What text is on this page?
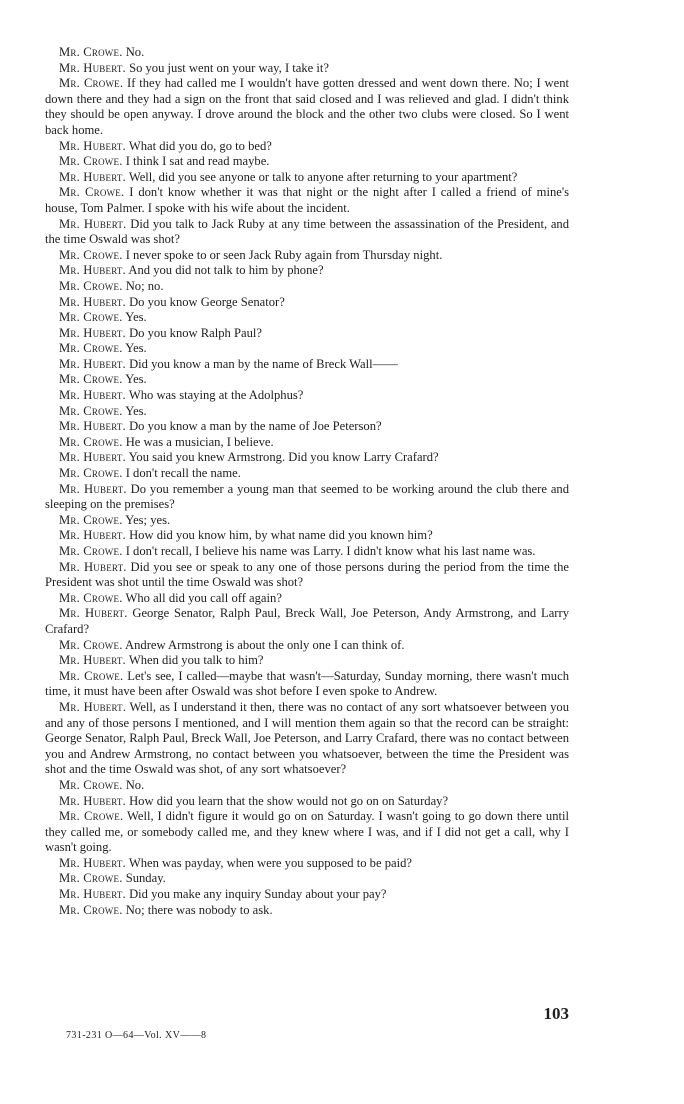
Mr. Crowe. No.

Mr. Hubert. So you just went on your way, I take it?

Mr. Crowe. If they had called me I wouldn't have gotten dressed and went down there. No; I went down there and they had a sign on the front that said closed and I was relieved and glad. I didn't think they should be open anyway. I drove around the block and the other two clubs were closed. So I went back home.

Mr. Hubert. What did you do, go to bed?

Mr. Crowe. I think I sat and read maybe.

Mr. Hubert. Well, did you see anyone or talk to anyone after returning to your apartment?

Mr. Crowe. I don't know whether it was that night or the night after I called a friend of mine's house, Tom Palmer. I spoke with his wife about the incident.

Mr. Hubert. Did you talk to Jack Ruby at any time between the assassination of the President, and the time Oswald was shot?

Mr. Crowe. I never spoke to or seen Jack Ruby again from Thursday night.

Mr. Hubert. And you did not talk to him by phone?

Mr. Crowe. No; no.

Mr. Hubert. Do you know George Senator?

Mr. Crowe. Yes.

Mr. Hubert. Do you know Ralph Paul?

Mr. Crowe. Yes.

Mr. Hubert. Did you know a man by the name of Breck Wall——

Mr. Crowe. Yes.

Mr. Hubert. Who was staying at the Adolphus?

Mr. Crowe. Yes.

Mr. Hubert. Do you know a man by the name of Joe Peterson?

Mr. Crowe. He was a musician, I believe.

Mr. Hubert. You said you knew Armstrong. Did you know Larry Crafard?

Mr. Crowe. I don't recall the name.

Mr. Hubert. Do you remember a young man that seemed to be working around the club there and sleeping on the premises?

Mr. Crowe. Yes; yes.

Mr. Hubert. How did you know him, by what name did you known him?

Mr. Crowe. I don't recall, I believe his name was Larry. I didn't know what his last name was.

Mr. Hubert. Did you see or speak to any one of those persons during the period from the time the President was shot until the time Oswald was shot?

Mr. Crowe. Who all did you call off again?

Mr. Hubert. George Senator, Ralph Paul, Breck Wall, Joe Peterson, Andy Armstrong, and Larry Crafard?

Mr. Crowe. Andrew Armstrong is about the only one I can think of.

Mr. Hubert. When did you talk to him?

Mr. Crowe. Let's see, I called—maybe that wasn't—Saturday, Sunday morning, there wasn't much time, it must have been after Oswald was shot before I even spoke to Andrew.

Mr. Hubert. Well, as I understand it then, there was no contact of any sort whatsoever between you and any of those persons I mentioned, and I will mention them again so that the record can be straight: George Senator, Ralph Paul, Breck Wall, Joe Peterson, and Larry Crafard, there was no contact between you and Andrew Armstrong, no contact between you whatsoever, between the time the President was shot and the time Oswald was shot, of any sort whatsoever?

Mr. Crowe. No.

Mr. Hubert. How did you learn that the show would not go on on Saturday?

Mr. Crowe. Well, I didn't figure it would go on on Saturday. I wasn't going to go down there until they called me, or somebody called me, and they knew where I was, and if I did not get a call, why I wasn't going.

Mr. Hubert. When was payday, when were you supposed to be paid?

Mr. Crowe. Sunday.

Mr. Hubert. Did you make any inquiry Sunday about your pay?

Mr. Crowe. No; there was nobody to ask.

103
731-231 O—64—Vol. XV——8
